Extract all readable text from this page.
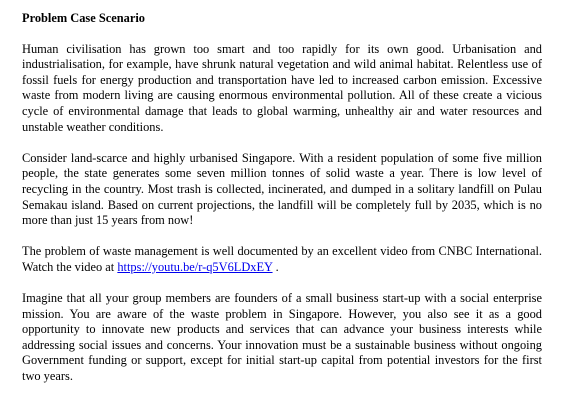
Problem Case Scenario

Human civilisation has grown too smart and too rapidly for its own good. Urbanisation and industrialisation, for example, have shrunk natural vegetation and wild animal habitat. Relentless use of fossil fuels for energy production and transportation have led to increased carbon emission. Excessive waste from modern living are causing enormous environmental pollution. All of these create a vicious cycle of environmental damage that leads to global warming, unhealthy air and water resources and unstable weather conditions.

Consider land-scarce and highly urbanised Singapore. With a resident population of some five million people, the state generates some seven million tonnes of solid waste a year. There is low level of recycling in the country. Most trash is collected, incinerated, and dumped in a solitary landfill on Pulau Semakau island. Based on current projections, the landfill will be completely full by 2035, which is no more than just 15 years from now!

The problem of waste management is well documented by an excellent video from CNBC International. Watch the video at https://youtu.be/r-q5V6LDxEY .

Imagine that all your group members are founders of a small business start-up with a social enterprise mission. You are aware of the waste problem in Singapore. However, you also see it as a good opportunity to innovate new products and services that can advance your business interests while addressing social issues and concerns. Your innovation must be a sustainable business without ongoing Government funding or support, except for initial start-up capital from potential investors for the first two years.
